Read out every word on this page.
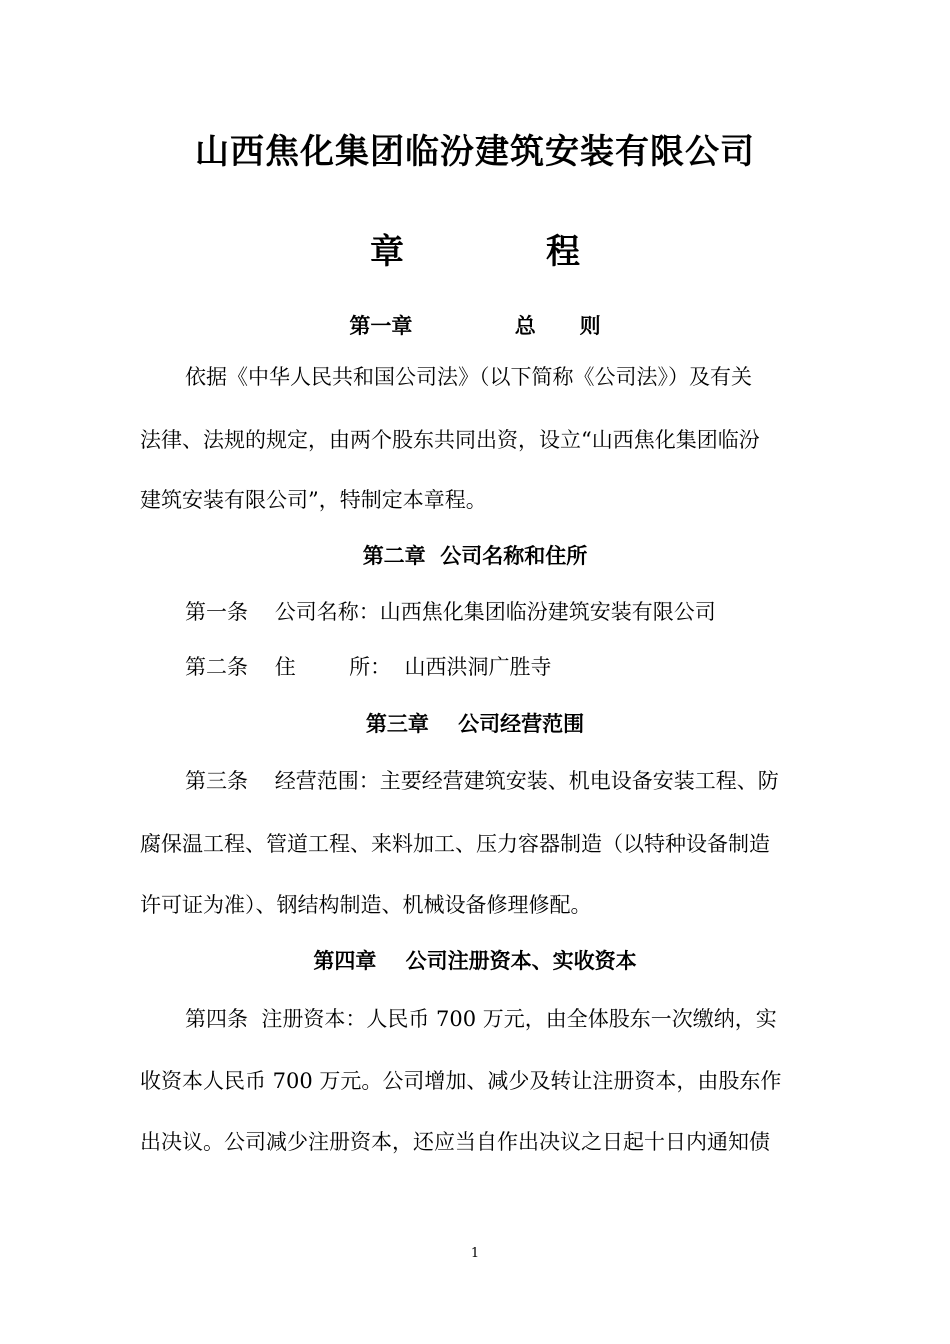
山西焦化集团临汾建筑安装有限公司
章            程
第一章              总      则
依据《中华人民共和国公司法》（以下简称《公司法》）及有关
法律、法规的规定，由两个股东共同出资，设立“山西焦化集团临汾
建筑安装有限公司”，特制定本章程。
第二章  公司名称和住所
第一条    公司名称：山西焦化集团临汾建筑安装有限公司
第二条    住        所：  山西洪洞广胜寺
第三章    公司经营范围
第三条    经营范围：主要经营建筑安装、机电设备安装工程、防
腐保温工程、管道工程、来料加工、压力容器制造（以特种设备制造
许可证为准）、钢结构制造、机械设备修理修配。
第四章    公司注册资本、实收资本
第四条  注册资本：人民币 700 万元，由全体股东一次缴纳，实
收资本人民币 700 万元。公司增加、减少及转让注册资本，由股东作
出决议。公司减少注册资本，还应当自作出决议之日起十日内通知债
1
